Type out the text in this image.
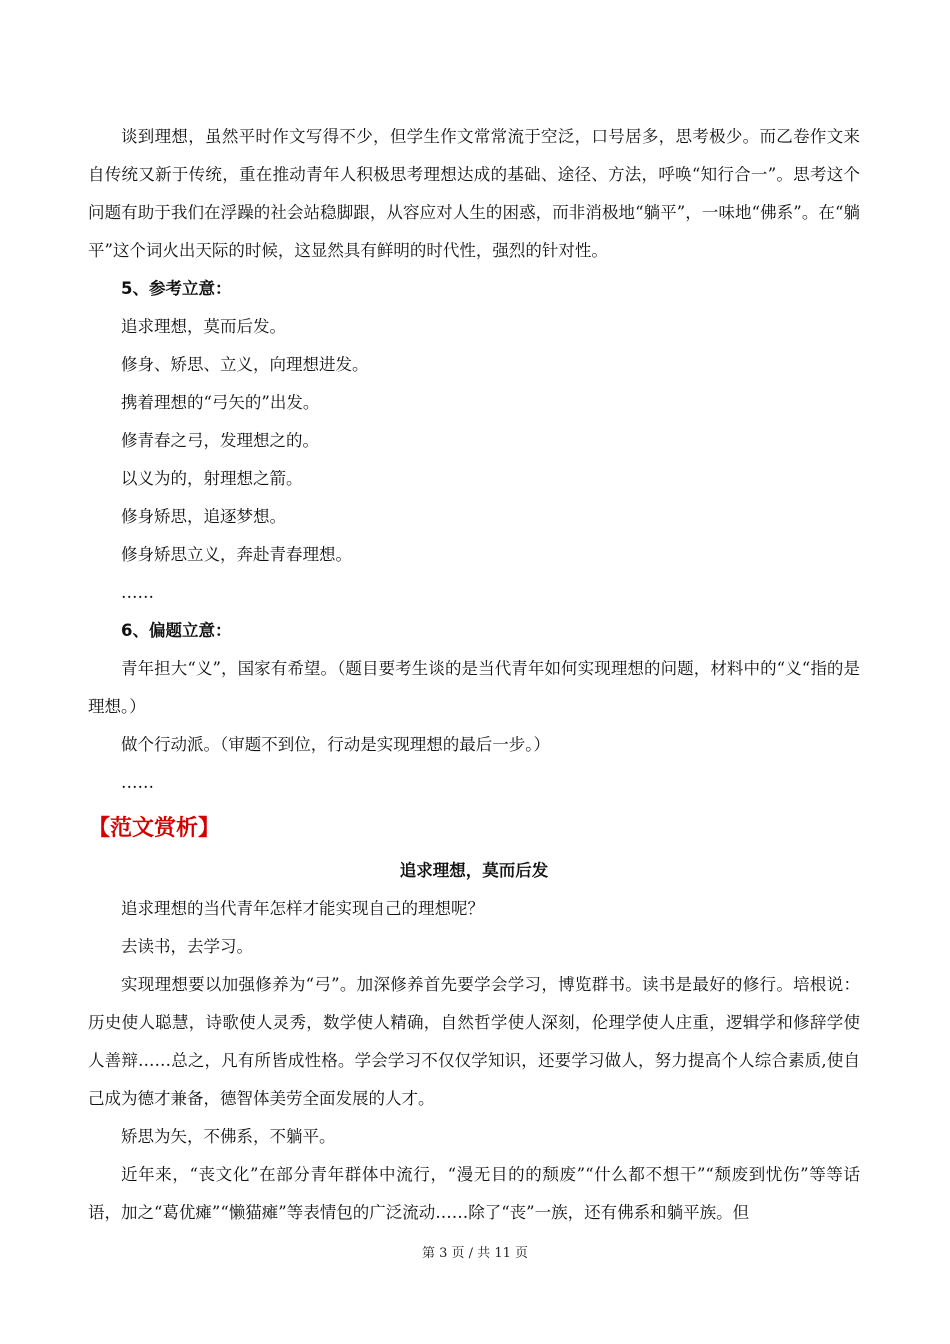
谈到理想，虽然平时作文写得不少，但学生作文常常流于空泛，口号居多，思考极少。而乙卷作文来自传统又新于传统，重在推动青年人积极思考理想达成的基础、途径、方法，呼唤“知行合一”。思考这个问题有助于我们在浮躁的社会站稳脚跟，从容应对人生的困惑，而非消极地“躺平”，一味地“佛系”。在“躺平”这个词火出天际的时候，这显然具有鲜明的时代性，强烈的针对性。

5、参考立意：

追求理想，莫而后发。

修身、矫思、立义，向理想进发。

携着理想的“弓矢的”出发。

修青春之弓，发理想之的。

以义为的，射理想之箭。

修身矫思，追逐梦想。

修身矫思立义，奔赴青春理想。

……

6、偏题立意：

青年担大“义”，国家有希望。（题目要考生谈的是当代青年如何实现理想的问题，材料中的“义“指的是理想。）

做个行动派。（审题不到位，行动是实现理想的最后一步。）

……

【范文赏析】

追求理想，莫而后发

追求理想的当代青年怎样才能实现自己的理想呢？

去读书，去学习。

实现理想要以加强修养为“弓”。加深修养首先要学会学习，博览群书。读书是最好的修行。培根说：历史使人聪慧，诗歌使人灵秀，数学使人精确，自然哲学使人深刻，伦理学使人庄重，逻辑学和修辞学使人善辩……总之，凡有所皆成性格。学会学习不仅仅学知识，还要学习做人，努力提高个人综合素质,使自己成为德才兼备，德智体美劳全面发展的人才。

矫思为矢，不佛系，不躺平。

近年来，“丧文化”在部分青年群体中流行，“漫无目的的颓废”“什么都不想干”“颓废到忧伤”等等话语，加之“葛优瘫”“懒猫瘫”等表情包的广泛流动……除了“丧”一族，还有佛系和躺平族。但

第 3 页 / 共 11 页
